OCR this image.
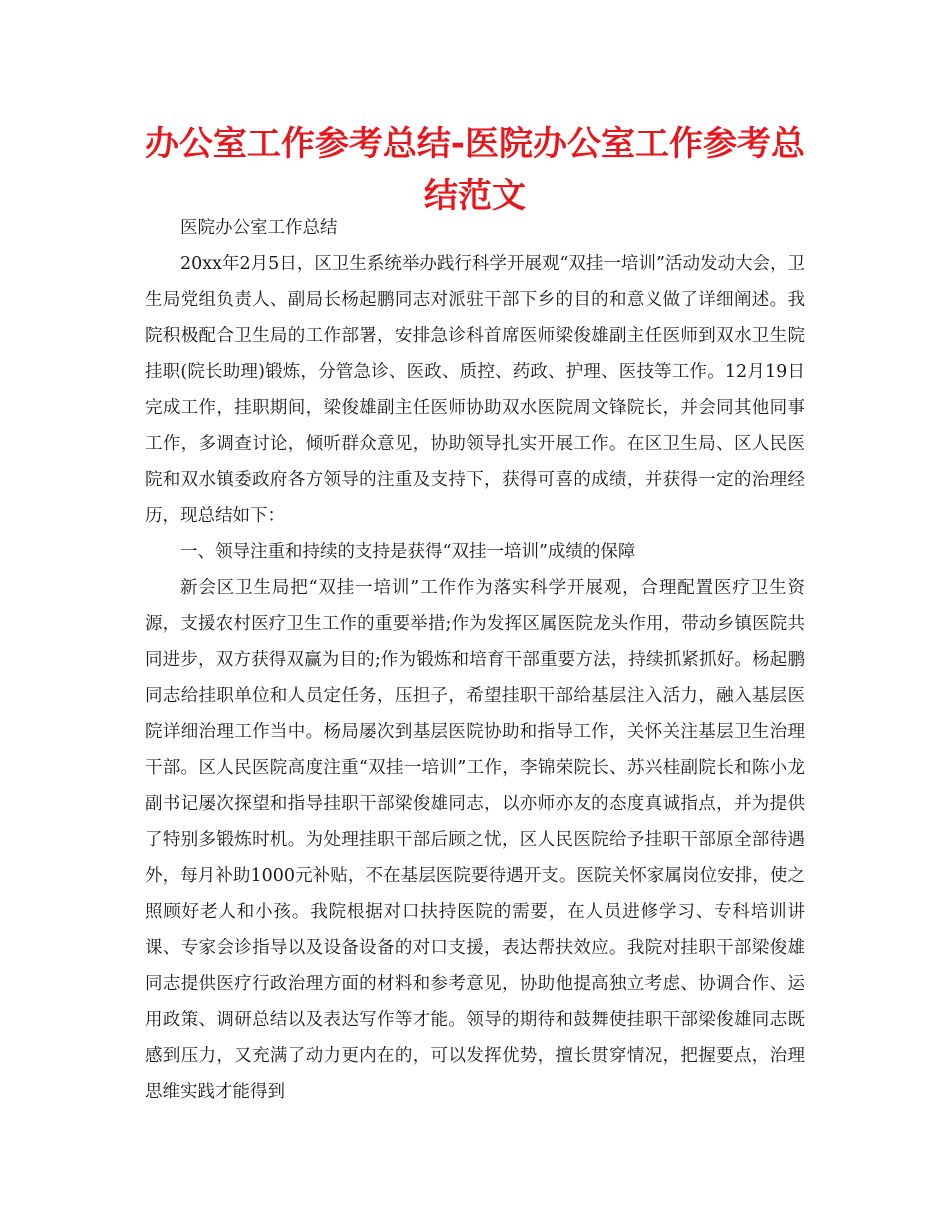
办公室工作参考总结-医院办公室工作参考总结范文

医院办公室工作总结

20xx年2月5日，区卫生系统举办践行科学开展观“双挂一培训”活动发动大会，卫生局党组负责人、副局长杨起鹏同志对派驻干部下乡的目的和意义做了详细阐述。我院积极配合卫生局的工作部署，安排急诊科首席医师梁俊雄副主任医师到双水卫生院挂职(院长助理)锻炼，分管急诊、医政、质控、药政、护理、医技等工作。12月19日完成工作，挂职期间，梁俊雄副主任医师协助双水医院周文锋院长，并会同其他同事工作，多调查讨论，倾听群众意见，协助领导扎实开展工作。在区卫生局、区人民医院和双水镇委政府各方领导的注重及支持下，获得可喜的成绩，并获得一定的治理经历，现总结如下：

一、领导注重和持续的支持是获得“双挂一培训”成绩的保障

新会区卫生局把“双挂一培训”工作作为落实科学开展观，合理配置医疗卫生资源，支援农村医疗卫生工作的重要举措;作为发挥区属医院龙头作用，带动乡镇医院共同进步，双方获得双赢为目的;作为锻炼和培育干部重要方法，持续抓紧抓好。杨起鹏同志给挂职单位和人员定任务，压担子，希望挂职干部给基层注入活力，融入基层医院详细治理工作当中。杨局屡次到基层医院协助和指导工作，关怀关注基层卫生治理干部。区人民医院高度注重“双挂一培训”工作，李锦荣院长、苏兴桂副院长和陈小龙副书记屡次探望和指导挂职干部梁俊雄同志，以亦师亦友的态度真诚指点，并为提供了特别多锻炼时机。为处理挂职干部后顾之忧，区人民医院给予挂职干部原全部待遇外，每月补助1000元补贴，不在基层医院要待遇开支。医院关怀家属岗位安排，使之照顾好老人和小孩。我院根据对口扶持医院的需要，在人员进修学习、专科培训讲课、专家会诊指导以及设备设备的对口支援，表达帮扶效应。我院对挂职干部梁俊雄同志提供医疗行政治理方面的材料和参考意见，协助他提高独立考虑、协调合作、运用政策、调研总结以及表达写作等才能。领导的期待和鼓舞使挂职干部梁俊雄同志既感到压力，又充满了动力更内在的，可以发挥优势，擅长贯穿情况，把握要点，治理思维实践才能得到
